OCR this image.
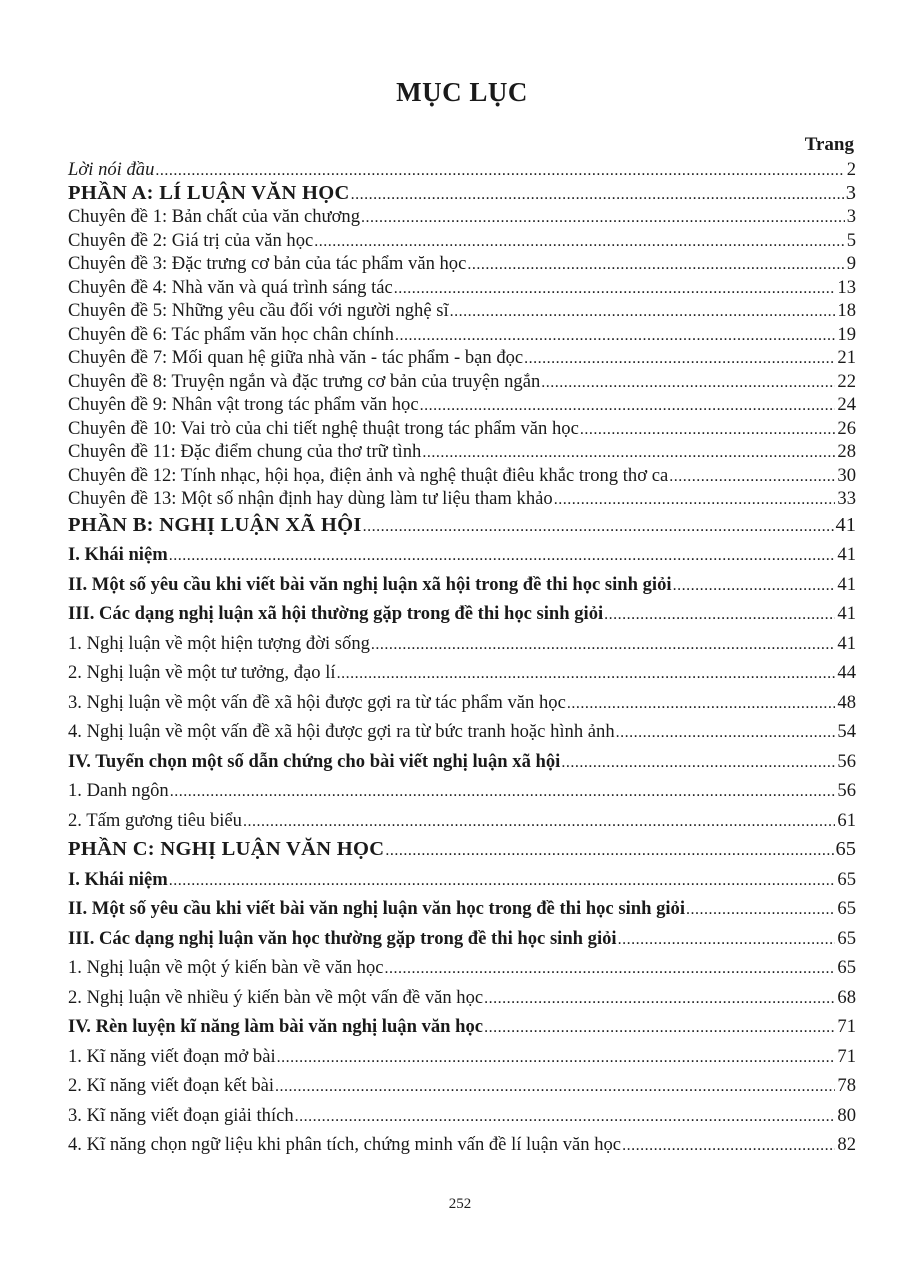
MỤC LỤC
Trang
Lời nói đầu .....	2
PHẦN A: LÍ LUẬN VĂN HỌC .....	3
Chuyên đề 1: Bản chất của văn chương .....	3
Chuyên đề 2: Giá trị của văn học .....	5
Chuyên đề 3: Đặc trưng cơ bản của tác phẩm văn học .....	9
Chuyên đề 4: Nhà văn và quá trình sáng tác .....	13
Chuyên đề 5: Những yêu cầu đối với người nghệ sĩ .....	18
Chuyên đề 6: Tác phẩm văn học chân chính .....	19
Chuyên đề 7: Mối quan hệ giữa nhà văn - tác phẩm - bạn đọc .....	21
Chuyên đề 8: Truyện ngắn và đặc trưng cơ bản của truyện ngắn .....	22
Chuyên đề 9: Nhân vật trong tác phẩm văn học .....	24
Chuyên đề 10: Vai trò của chi tiết nghệ thuật trong tác phẩm văn học .....	26
Chuyên đề 11: Đặc điểm chung của thơ trữ tình .....	28
Chuyên đề 12: Tính nhạc, hội họa, điện ảnh và nghệ thuật điêu khắc trong thơ ca .....	30
Chuyên đề 13: Một số nhận định hay dùng làm tư liệu tham khảo .....	33
PHẦN B: NGHỊ LUẬN XÃ HỘI .....	41
I. Khái niệm .....	41
II. Một số yêu cầu khi viết bài văn nghị luận xã hội trong đề thi học sinh giỏi .....	41
III. Các dạng nghị luận xã hội thường gặp trong đề thi học sinh giỏi .....	41
1. Nghị luận về một hiện tượng đời sống .....	41
2. Nghị luận về một tư tưởng, đạo lí .....	44
3. Nghị luận về một vấn đề xã hội được gợi ra từ tác phẩm văn học .....	48
4. Nghị luận về một vấn đề xã hội được gợi ra từ bức tranh hoặc hình ảnh .....	54
IV. Tuyển chọn một số dẫn chứng cho bài viết nghị luận xã hội .....	56
1. Danh ngôn .....	56
2. Tấm gương tiêu biểu .....	61
PHẦN C: NGHỊ LUẬN VĂN HỌC .....	65
I. Khái niệm .....	65
II. Một số yêu cầu khi viết bài văn nghị luận văn học trong đề thi học sinh giỏi .....	65
III. Các dạng nghị luận văn học thường gặp trong đề thi học sinh giỏi .....	65
1. Nghị luận về một ý kiến bàn về văn học .....	65
2. Nghị luận về nhiều ý kiến bàn về một vấn đề văn học .....	68
IV. Rèn luyện kĩ năng làm bài văn nghị luận văn học .....	71
1. Kĩ năng viết đoạn mở bài .....	71
2. Kĩ năng viết đoạn kết bài .....	78
3. Kĩ năng viết đoạn giải thích .....	80
4. Kĩ năng chọn ngữ liệu khi phân tích, chứng minh vấn đề lí luận văn học .....	82
252
